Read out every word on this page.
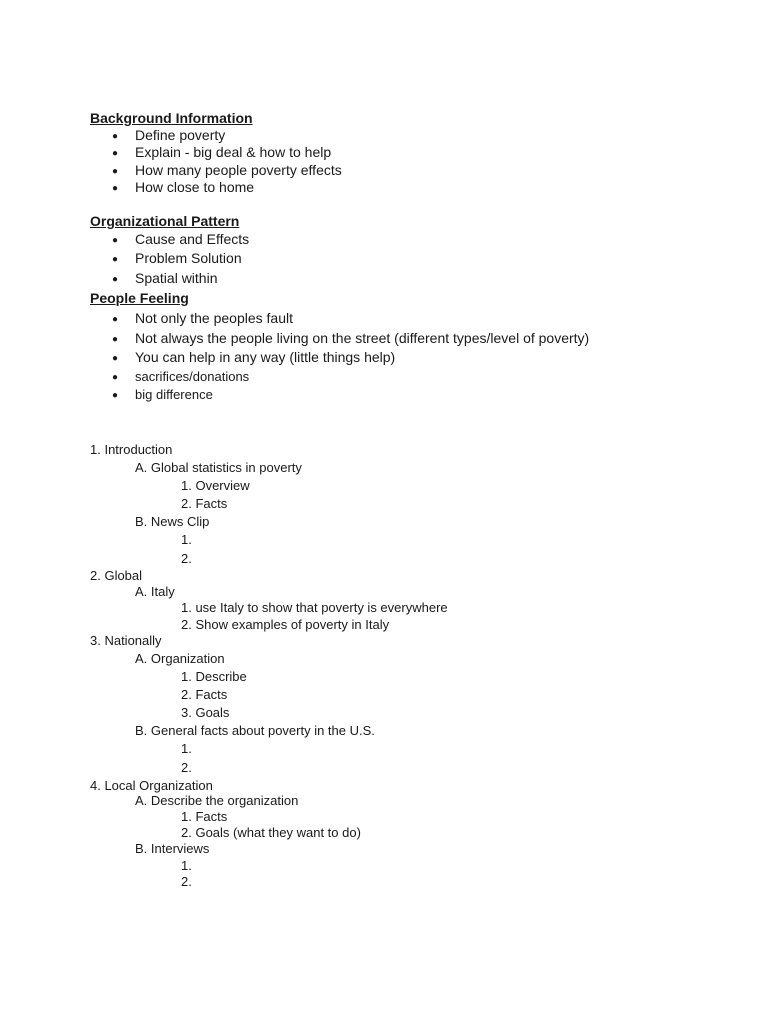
Background Information
● Define poverty
● Explain - big deal & how to help
● How many people poverty effects
● How close to home
Organizational Pattern
● Cause and Effects
● Problem Solution
● Spatial within
People Feeling
● Not only the peoples fault
● Not always the people living on the street (different types/level of poverty)
● You can help in any way (little things help)
● sacrifices/donations
● big difference
1. Introduction
A. Global statistics in poverty
1. Overview
2. Facts
B. News Clip
1.
2.
2. Global
A. Italy
1. use Italy to show that poverty is everywhere
2. Show examples of poverty in Italy
3. Nationally
A. Organization
1. Describe
2. Facts
3. Goals
B. General facts about poverty in the U.S.
1.
2.
4. Local Organization
A. Describe the organization
1. Facts
2. Goals (what they want to do)
B. Interviews
1.
2.
